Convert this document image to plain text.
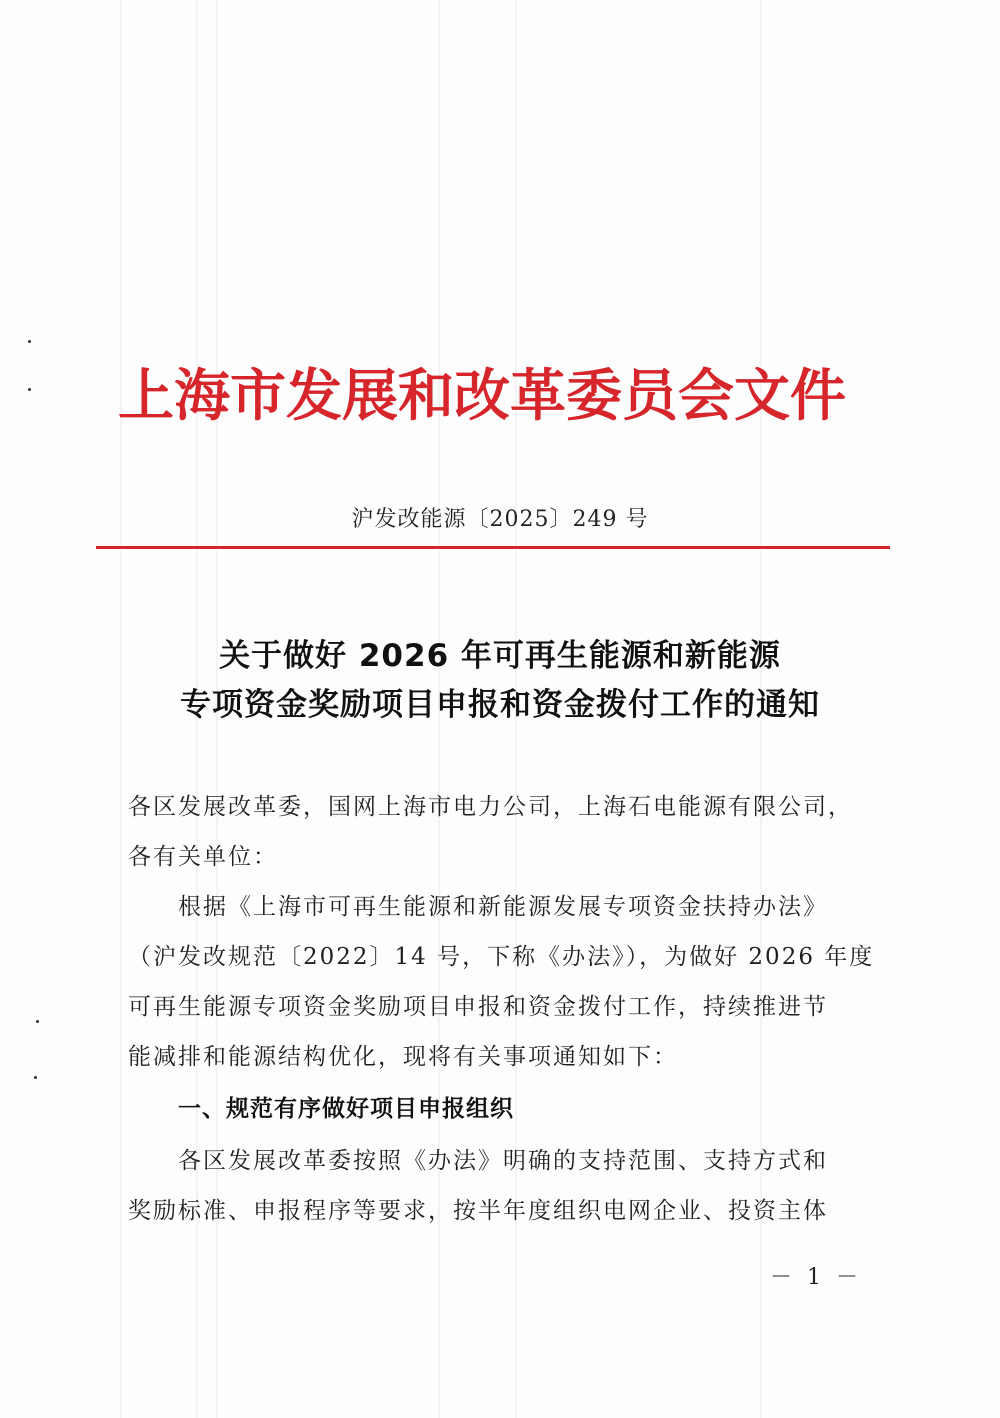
上海市发展和改革委员会文件
沪发改能源〔2025〕249 号
关于做好 2026 年可再生能源和新能源
专项资金奖励项目申报和资金拨付工作的通知
各区发展改革委，国网上海市电力公司，上海石电能源有限公司，
各有关单位：
　　根据《上海市可再生能源和新能源发展专项资金扶持办法》
（沪发改规范〔2022〕14 号，下称《办法》），为做好 2026 年度
可再生能源专项资金奖励项目申报和资金拨付工作，持续推进节
能减排和能源结构优化，现将有关事项通知如下：
一、规范有序做好项目申报组织
　　各区发展改革委按照《办法》明确的支持范围、支持方式和
奖励标准、申报程序等要求，按半年度组织电网企业、投资主体
－ 1 －
